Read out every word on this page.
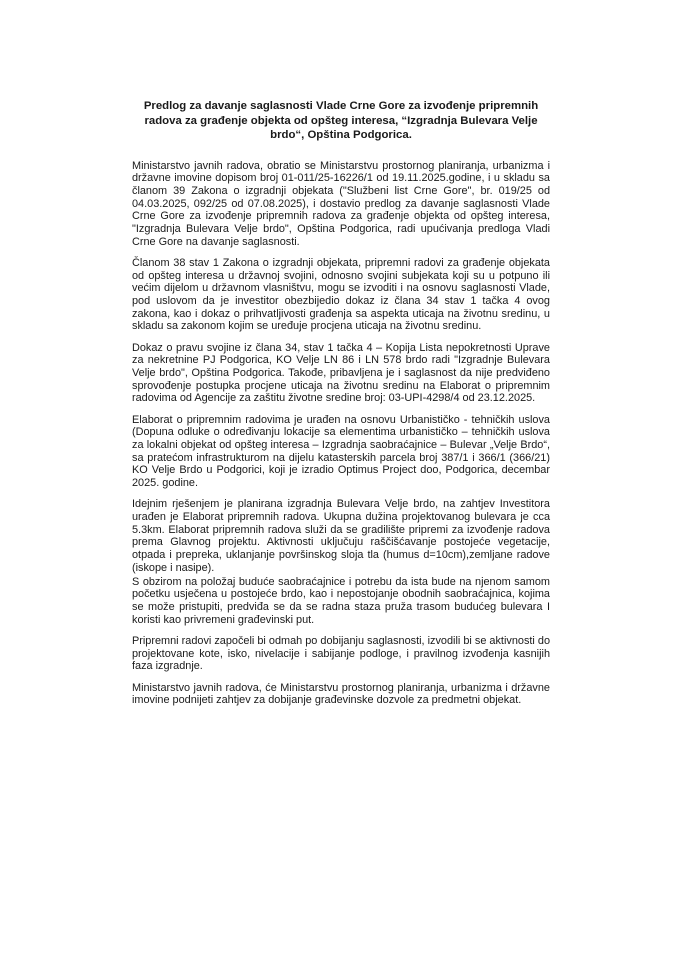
Predlog za davanje saglasnosti Vlade Crne Gore za izvođenje pripremnih radova za građenje objekta od opšteg interesa, “Izgradnja Bulevara Velje brdo“, Opština Podgorica.

Ministarstvo javnih radova, obratio se Ministarstvu prostornog planiranja, urbanizma i državne imovine dopisom broj 01-011/25-16226/1 od 19.11.2025.godine, i u skladu sa članom 39 Zakona o izgradnji objekata ("Službeni list Crne Gore", br. 019/25 od 04.03.2025, 092/25 od 07.08.2025), i dostavio predlog za davanje saglasnosti Vlade Crne Gore za izvođenje pripremnih radova za građenje objekta od opšteg interesa, "Izgradnja Bulevara Velje brdo", Opština Podgorica, radi upućivanja predloga Vladi Crne Gore na davanje saglasnosti.

Članom 38 stav 1 Zakona o izgradnji objekata, pripremni radovi za građenje objekata od opšteg interesa u državnoj svojini, odnosno svojini subjekata koji su u potpuno ili većim dijelom u državnom vlasništvu, mogu se izvoditi i na osnovu saglasnosti Vlade, pod uslovom da je investitor obezbijedio dokaz iz člana 34 stav 1 tačka 4 ovog zakona, kao i dokaz o prihvatljivosti građenja sa aspekta uticaja na životnu sredinu, u skladu sa zakonom kojim se uređuje procjena uticaja na životnu sredinu.

Dokaz o pravu svojine iz člana 34, stav 1 tačka 4 – Kopija Lista nepokretnosti Uprave za nekretnine PJ Podgorica, KO Velje LN 86 i LN 578 brdo radi "Izgradnje Bulevara Velje brdo", Opština Podgorica. Takođe, pribavljena je i saglasnost da nije predviđeno sprovođenje postupka procjene uticaja na životnu sredinu na Elaborat o pripremnim radovima od Agencije za zaštitu životne sredine broj: 03-UPI-4298/4 od 23.12.2025.

Elaborat o pripremnim radovima je urađen na osnovu Urbanističko - tehničkih uslova (Dopuna odluke o određivanju lokacije sa elementima urbanističko – tehničkih uslova za lokalni objekat od opšteg interesa – Izgradnja saobraćajnice – Bulevar „Velje Brdo“, sa pratećom infrastrukturom na dijelu katasterskih parcela broj 387/1 i 366/1 (366/21) KO Velje Brdo u Podgorici, koji je izradio Optimus Project doo, Podgorica, decembar 2025. godine.

Idejnim rješenjem je planirana izgradnja Bulevara Velje brdo, na zahtjev Investitora urađen je Elaborat pripremnih radova. Ukupna dužina projektovanog bulevara je cca 5.3km. Elaborat pripremnih radova služi da se gradilište pripremi za izvođenje radova prema Glavnog projektu. Aktivnosti uključuju raščišćavanje postojeće vegetacije, otpada i prepreka, uklanjanje površinskog sloja tla (humus d=10cm),zemljane radove (iskope i nasipe).

S obzirom na položaj buduće saobraćajnice i potrebu da ista bude na njenom samom početku usječena u postojeće brdo, kao i nepostojanje obodnih saobraćajnica, kojima se može pristupiti, predviđa se da se radna staza pruža trasom budućeg bulevara I koristi kao privremeni građevinski put.

Pripremni radovi započeli bi odmah po dobijanju saglasnosti, izvodili bi se aktivnosti do projektovane kote, isko, nivelacije i sabijanje podloge, i pravilnog izvođenja kasnijih faza izgradnje.

Ministarstvo javnih radova, će Ministarstvu prostornog planiranja, urbanizma i državne imovine podnijeti zahtjev za dobijanje građevinske dozvole za predmetni objekat.
